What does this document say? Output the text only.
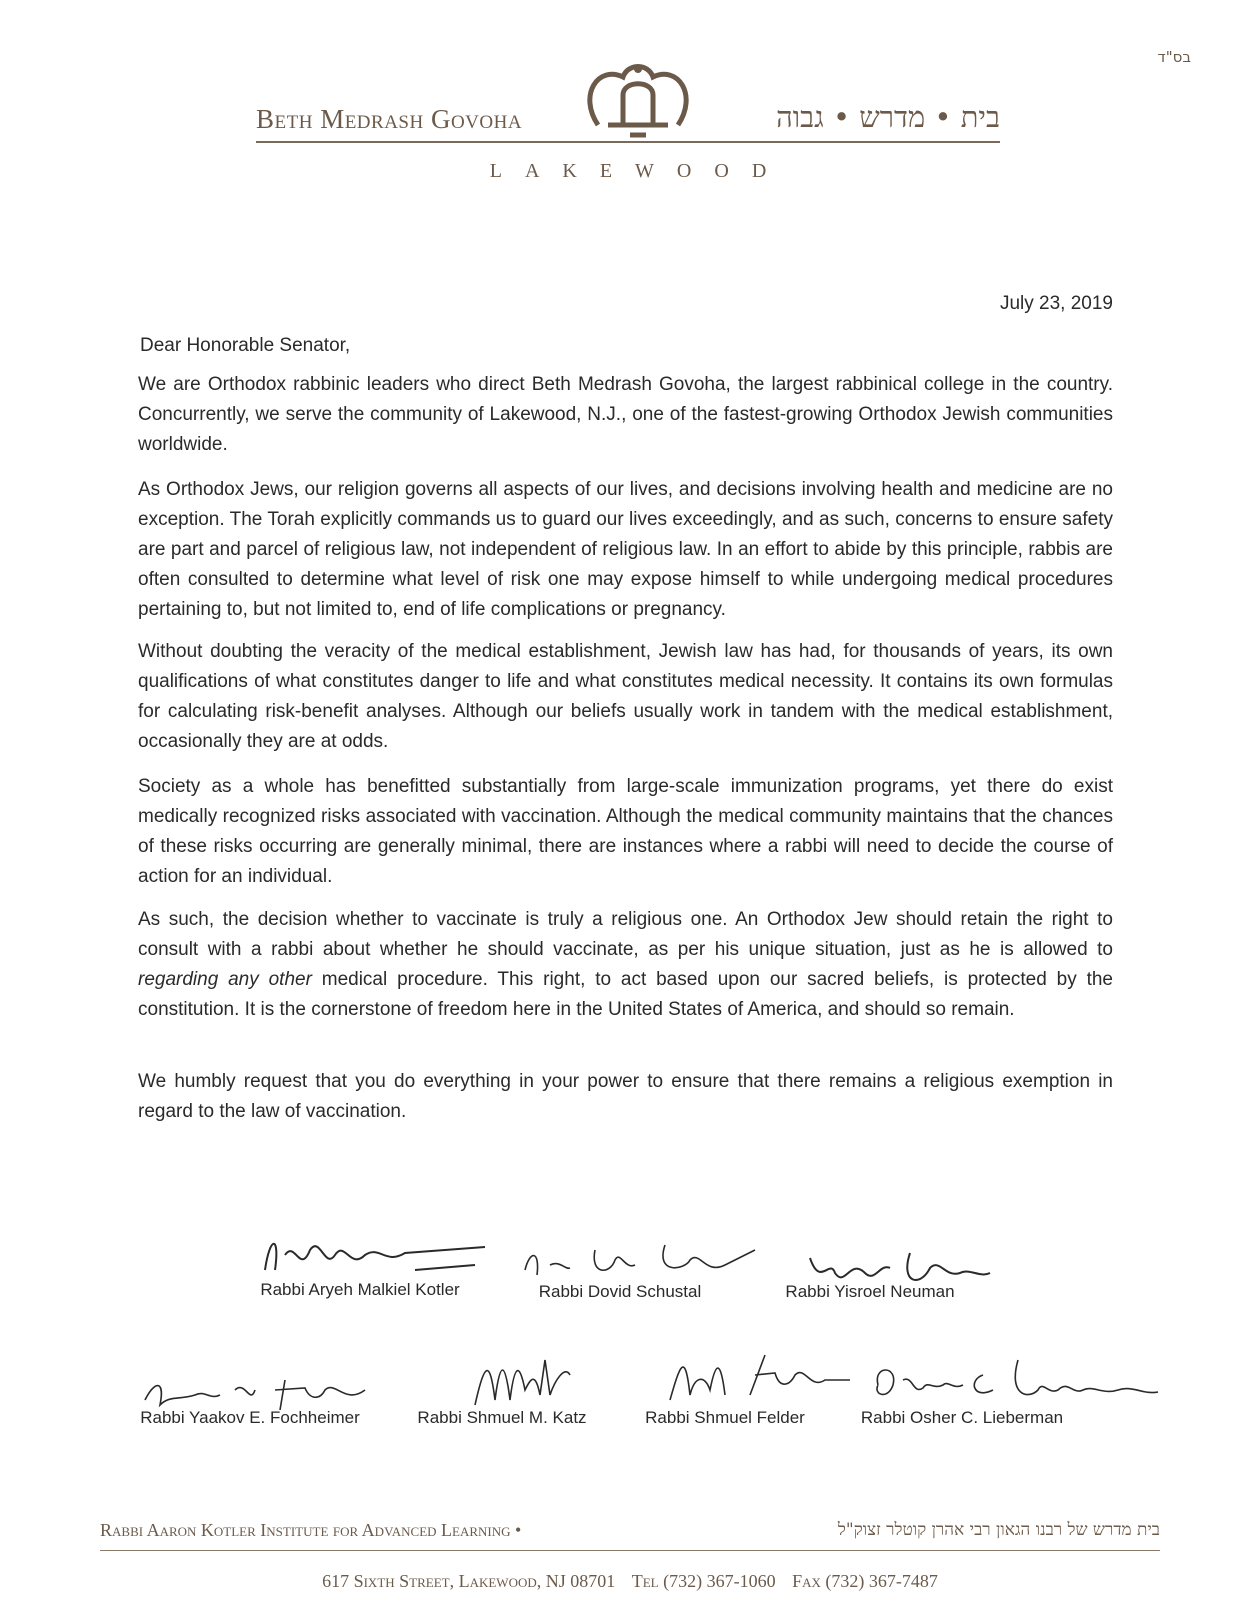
בס"ד
Beth Medrash Govoha	בית • מדרש • גבוה
LAKEWOOD
July 23, 2019
Dear Honorable Senator,

We are Orthodox rabbinic leaders who direct Beth Medrash Govoha, the largest rabbinical college in the country. Concurrently, we serve the community of Lakewood, N.J., one of the fastest-growing Orthodox Jewish communities worldwide.

As Orthodox Jews, our religion governs all aspects of our lives, and decisions involving health and medicine are no exception. The Torah explicitly commands us to guard our lives exceedingly, and as such, concerns to ensure safety are part and parcel of religious law, not independent of religious law. In an effort to abide by this principle, rabbis are often consulted to determine what level of risk one may expose himself to while undergoing medical procedures pertaining to, but not limited to, end of life complications or pregnancy.

Without doubting the veracity of the medical establishment, Jewish law has had, for thousands of years, its own qualifications of what constitutes danger to life and what constitutes medical necessity. It contains its own formulas for calculating risk-benefit analyses. Although our beliefs usually work in tandem with the medical establishment, occasionally they are at odds.

Society as a whole has benefitted substantially from large-scale immunization programs, yet there do exist medically recognized risks associated with vaccination. Although the medical community maintains that the chances of these risks occurring are generally minimal, there are instances where a rabbi will need to decide the course of action for an individual.

As such, the decision whether to vaccinate is truly a religious one. An Orthodox Jew should retain the right to consult with a rabbi about whether he should vaccinate, as per his unique situation, just as he is allowed to regarding any other medical procedure. This right, to act based upon our sacred beliefs, is protected by the constitution. It is the cornerstone of freedom here in the United States of America, and should so remain.

We humbly request that you do everything in your power to ensure that there remains a religious exemption in regard to the law of vaccination.

Rabbi Aryeh Malkiel Kotler	Rabbi Dovid Schustal	Rabbi Yisroel Neuman
Rabbi Yaakov E. Fochheimer	Rabbi Shmuel M. Katz	Rabbi Shmuel Felder	Rabbi Osher C. Lieberman
Rabbi Aaron Kotler Institute for Advanced Learning •	בית מדרש של רבנו הגאון רבי אהרן קוטלר זצוק"ל
617 Sixth Street, Lakewood, NJ 08701 Tel (732) 367-1060 Fax (732) 367-7487
